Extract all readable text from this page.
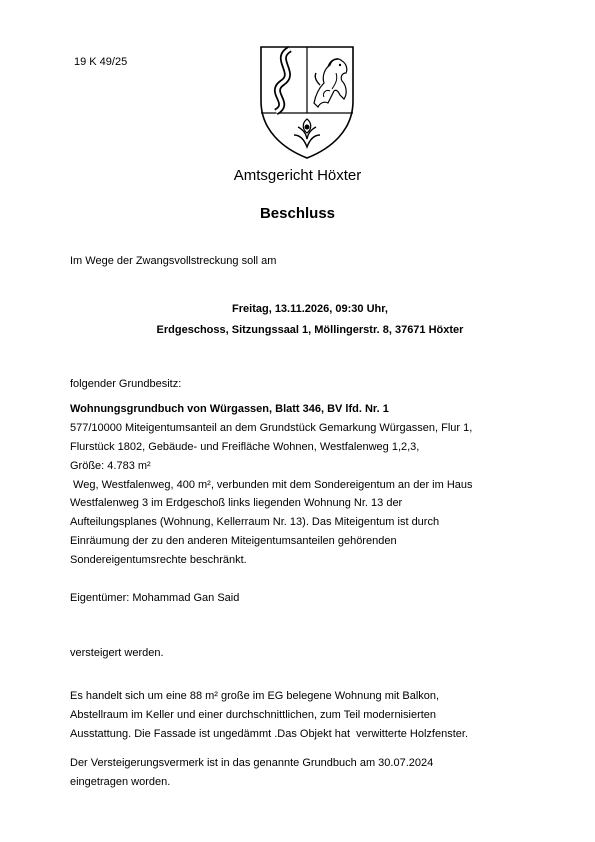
19 K 49/25
Amtsgericht Höxter
Beschluss
Im Wege der Zwangsvollstreckung soll am
Freitag, 13.11.2026, 09:30 Uhr,
Erdgeschoss, Sitzungssaal 1, Möllingerstr. 8, 37671 Höxter
folgender Grundbesitz:
Wohnungsgrundbuch von Würgassen, Blatt 346, BV lfd. Nr. 1
577/10000 Miteigentumsanteil an dem Grundstück Gemarkung Würgassen, Flur 1,
Flurstück 1802, Gebäude- und Freifläche Wohnen, Westfalenweg 1,2,3,
Größe: 4.783 m²
Weg, Westfalenweg, 400 m², verbunden mit dem Sondereigentum an der im Haus
Westfalenweg 3 im Erdgeschoß links liegenden Wohnung Nr. 13 der
Aufteilungsplanes (Wohnung, Kellerraum Nr. 13). Das Miteigentum ist durch
Einräumung der zu den anderen Miteigentumsanteilen gehörenden
Sondereigentumsrechte beschränkt.
Eigentümer: Mohammad Gan Said
versteigert werden.
Es handelt sich um eine 88 m² große im EG belegene Wohnung mit Balkon,
Abstellraum im Keller und einer durchschnittlichen, zum Teil modernisierten
Ausstattung. Die Fassade ist ungedämmt .Das Objekt hat  verwitterte Holzfenster.
Der Versteigerungsvermerk ist in das genannte Grundbuch am 30.07.2024
eingetragen worden.
